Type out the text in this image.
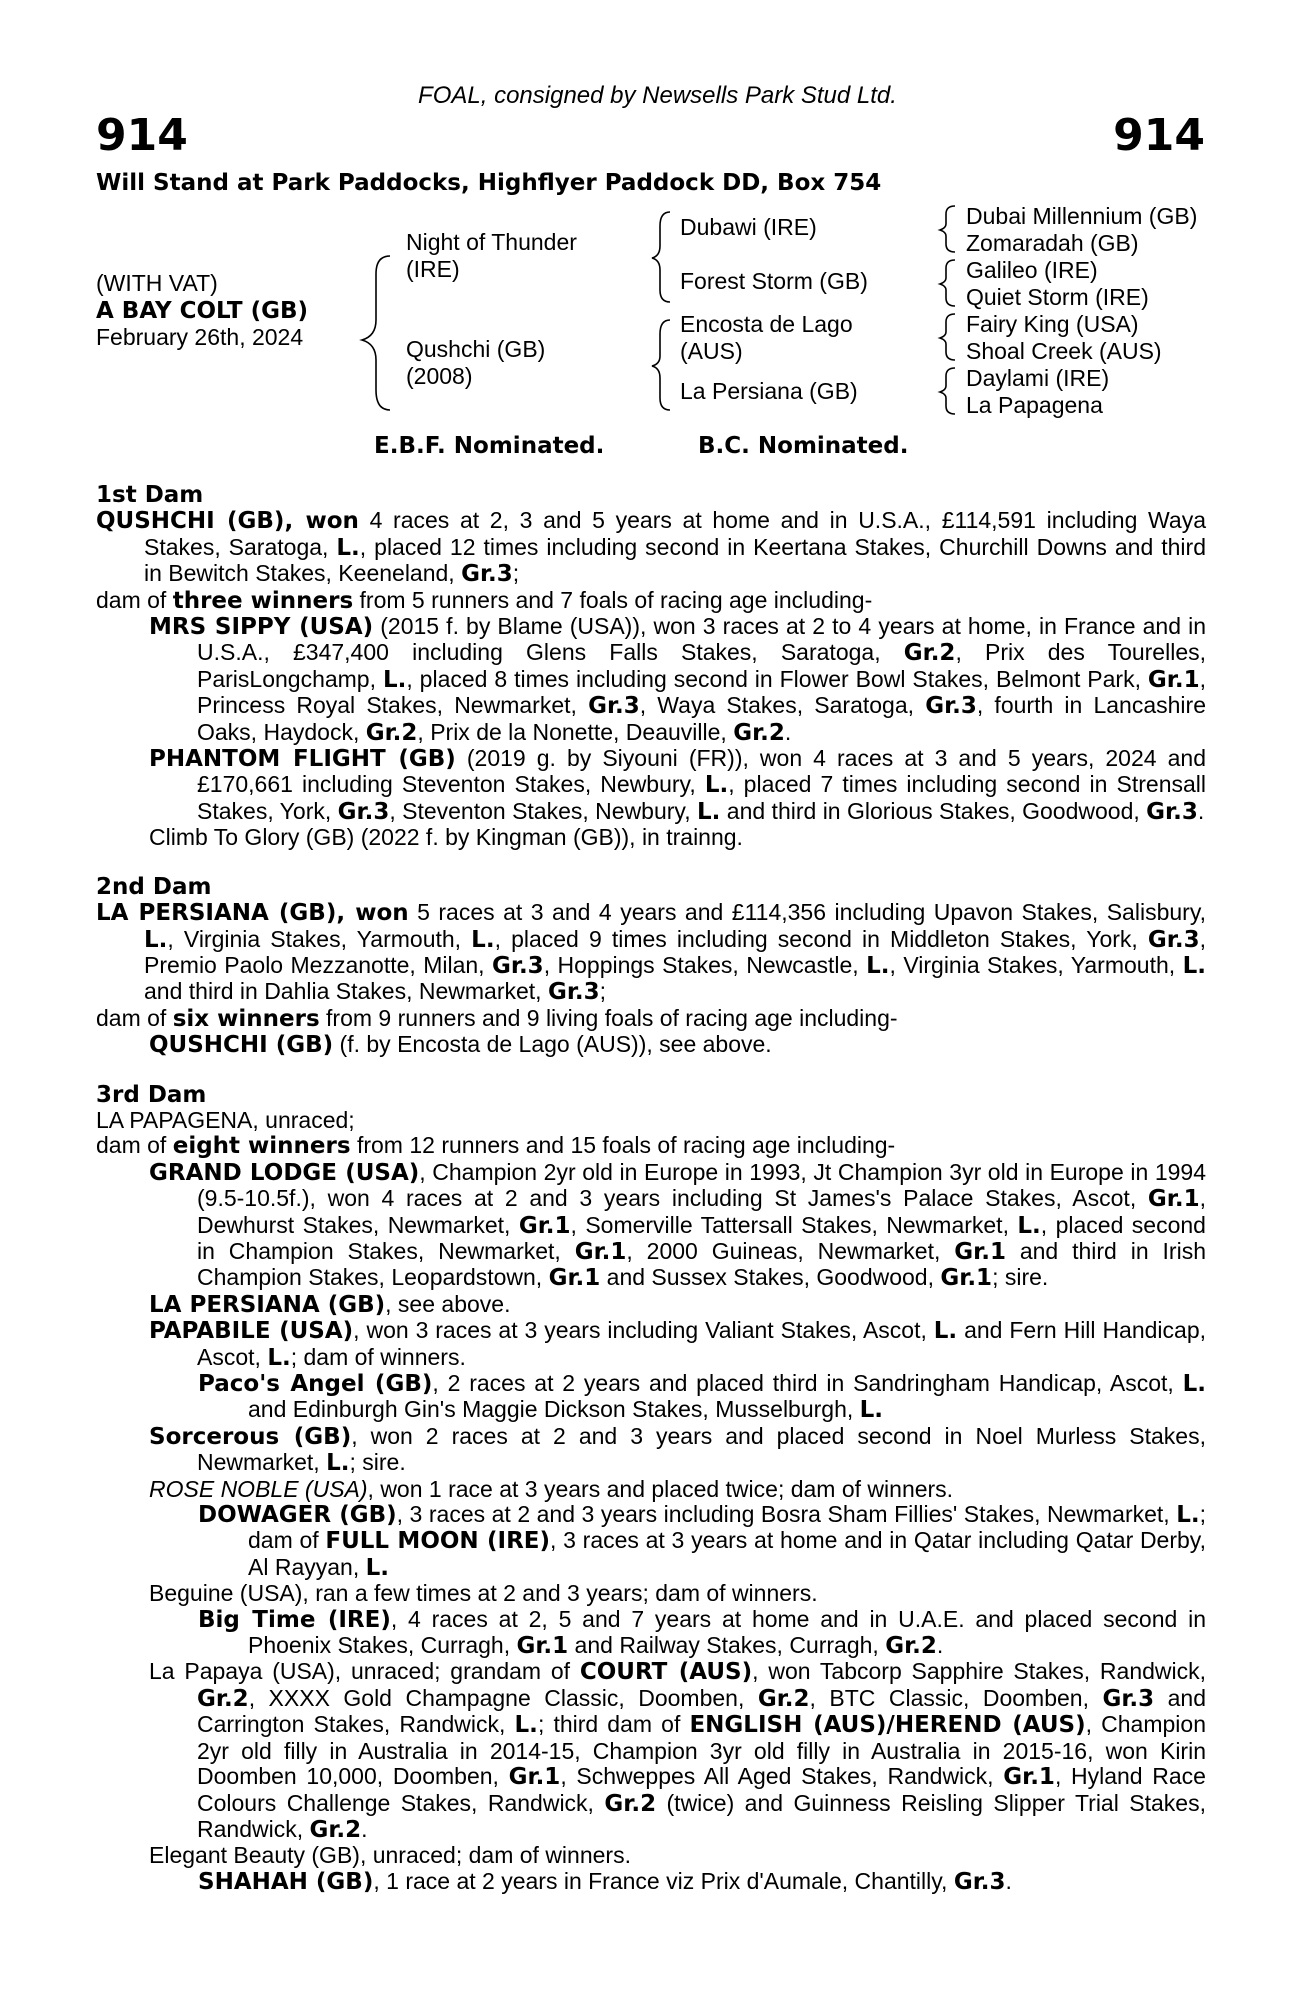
914	914
FOAL, consigned by Newsells Park Stud Ltd.
Will Stand at Park Paddocks, Highflyer Paddock DD, Box 754
(WITH VAT)
A BAY COLT (GB)
February 26th, 2024
Night of Thunder
(IRE)
Qushchi (GB)
(2008)
Dubawi (IRE)
Forest Storm (GB)
Encosta de Lago
(AUS)
La Persiana (GB)
Dubai Millennium (GB)
Zomaradah (GB)
Galileo (IRE)
Quiet Storm (IRE)
Fairy King (USA)
Shoal Creek (AUS)
Daylami (IRE)
La Papagena
E.B.F. Nominated.	B.C. Nominated.
1st Dam
QUSHCHI (GB), won 4 races at 2, 3 and 5 years at home and in U.S.A., £114,591 including Waya Stakes, Saratoga, L., placed 12 times including second in Keertana Stakes, Churchill Downs and third in Bewitch Stakes, Keeneland, Gr.3;
dam of three winners from 5 runners and 7 foals of racing age including-
MRS SIPPY (USA) (2015 f. by Blame (USA)), won 3 races at 2 to 4 years at home, in France and in U.S.A., £347,400 including Glens Falls Stakes, Saratoga, Gr.2, Prix des Tourelles, ParisLongchamp, L., placed 8 times including second in Flower Bowl Stakes, Belmont Park, Gr.1, Princess Royal Stakes, Newmarket, Gr.3, Waya Stakes, Saratoga, Gr.3, fourth in Lancashire Oaks, Haydock, Gr.2, Prix de la Nonette, Deauville, Gr.2.
PHANTOM FLIGHT (GB) (2019 g. by Siyouni (FR)), won 4 races at 3 and 5 years, 2024 and £170,661 including Steventon Stakes, Newbury, L., placed 7 times including second in Strensall Stakes, York, Gr.3, Steventon Stakes, Newbury, L. and third in Glorious Stakes, Goodwood, Gr.3.
Climb To Glory (GB) (2022 f. by Kingman (GB)), in trainng.
2nd Dam
LA PERSIANA (GB), won 5 races at 3 and 4 years and £114,356 including Upavon Stakes, Salisbury, L., Virginia Stakes, Yarmouth, L., placed 9 times including second in Middleton Stakes, York, Gr.3, Premio Paolo Mezzanotte, Milan, Gr.3, Hoppings Stakes, Newcastle, L., Virginia Stakes, Yarmouth, L. and third in Dahlia Stakes, Newmarket, Gr.3;
dam of six winners from 9 runners and 9 living foals of racing age including-
QUSHCHI (GB) (f. by Encosta de Lago (AUS)), see above.
3rd Dam
LA PAPAGENA, unraced;
dam of eight winners from 12 runners and 15 foals of racing age including-
GRAND LODGE (USA), Champion 2yr old in Europe in 1993, Jt Champion 3yr old in Europe in 1994 (9.5-10.5f.), won 4 races at 2 and 3 years including St James's Palace Stakes, Ascot, Gr.1, Dewhurst Stakes, Newmarket, Gr.1, Somerville Tattersall Stakes, Newmarket, L., placed second in Champion Stakes, Newmarket, Gr.1, 2000 Guineas, Newmarket, Gr.1 and third in Irish Champion Stakes, Leopardstown, Gr.1 and Sussex Stakes, Goodwood, Gr.1; sire.
LA PERSIANA (GB), see above.
PAPABILE (USA), won 3 races at 3 years including Valiant Stakes, Ascot, L. and Fern Hill Handicap, Ascot, L.; dam of winners.
Paco's Angel (GB), 2 races at 2 years and placed third in Sandringham Handicap, Ascot, L. and Edinburgh Gin's Maggie Dickson Stakes, Musselburgh, L.
Sorcerous (GB), won 2 races at 2 and 3 years and placed second in Noel Murless Stakes, Newmarket, L.; sire.
ROSE NOBLE (USA), won 1 race at 3 years and placed twice; dam of winners.
DOWAGER (GB), 3 races at 2 and 3 years including Bosra Sham Fillies' Stakes, Newmarket, L.; dam of FULL MOON (IRE), 3 races at 3 years at home and in Qatar including Qatar Derby, Al Rayyan, L.
Beguine (USA), ran a few times at 2 and 3 years; dam of winners.
Big Time (IRE), 4 races at 2, 5 and 7 years at home and in U.A.E. and placed second in Phoenix Stakes, Curragh, Gr.1 and Railway Stakes, Curragh, Gr.2.
La Papaya (USA), unraced; grandam of COURT (AUS), won Tabcorp Sapphire Stakes, Randwick, Gr.2, XXXX Gold Champagne Classic, Doomben, Gr.2, BTC Classic, Doomben, Gr.3 and Carrington Stakes, Randwick, L.; third dam of ENGLISH (AUS)/HEREND (AUS), Champion 2yr old filly in Australia in 2014-15, Champion 3yr old filly in Australia in 2015-16, won Kirin Doomben 10,000, Doomben, Gr.1, Schweppes All Aged Stakes, Randwick, Gr.1, Hyland Race Colours Challenge Stakes, Randwick, Gr.2 (twice) and Guinness Reisling Slipper Trial Stakes, Randwick, Gr.2.
Elegant Beauty (GB), unraced; dam of winners.
SHAHAH (GB), 1 race at 2 years in France viz Prix d'Aumale, Chantilly, Gr.3.
